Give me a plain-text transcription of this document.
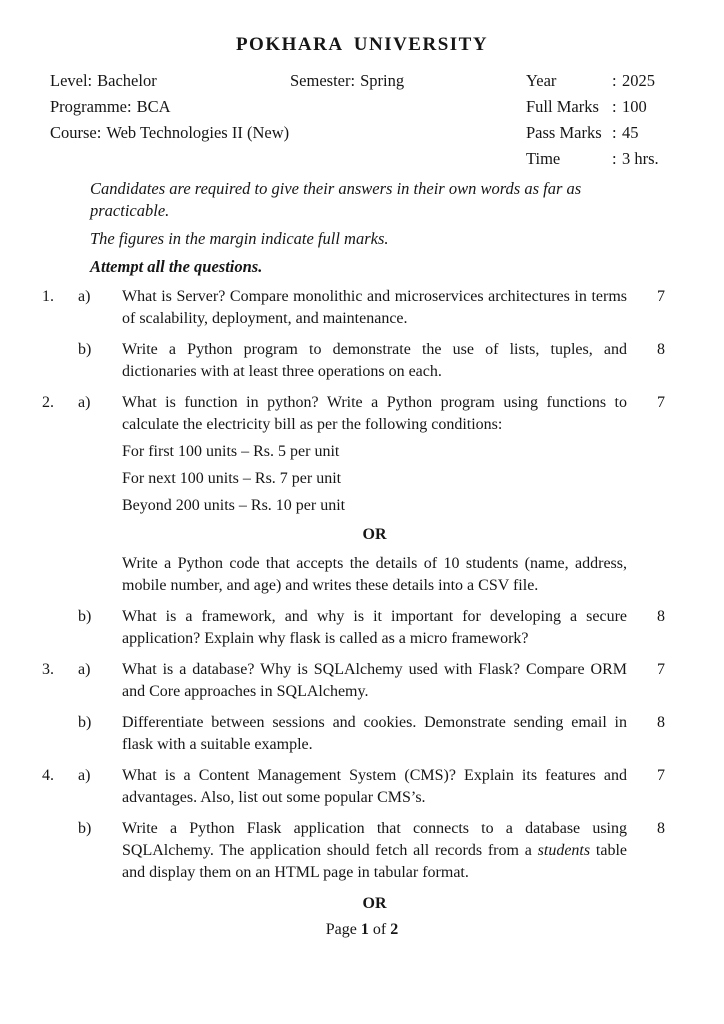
POKHARA UNIVERSITY
Level: Bachelor
Programme: BCA
Course: Web Technologies II (New)
Semester: Spring	Year	: 2025
Full Marks : 100
Pass Marks : 45
Time	: 3 hrs.

Candidates are required to give their answers in their own words as far as practicable.

The figures in the margin indicate full marks.

Attempt all the questions.

1.	a)	What is Server? Compare monolithic and microservices architectures in terms of scalability, deployment, and maintenance.
7
b)	Write a Python program to demonstrate the use of lists, tuples, and dictionaries with at least three operations on each.
8
2.	a)	What is function in python? Write a Python program using functions to calculate the electricity bill as per the following conditions:
For first 100 units – Rs. 5 per unit
For next 100 units – Rs. 7 per unit
Beyond 200 units – Rs. 10 per unit
OR
Write a Python code that accepts the details of 10 students (name, address, mobile number, and age) and writes these details into a CSV file.
7
b)	What is a framework, and why is it important for developing a secure application? Explain why flask is called as a micro framework?
8
3.	a)	What is a database? Why is SQLAlchemy used with Flask? Compare ORM and Core approaches in SQLAlchemy.
7
b)	Differentiate between sessions and cookies. Demonstrate sending email in flask with a suitable example.
8
4.	a)	What is a Content Management System (CMS)? Explain its features and advantages. Also, list out some popular CMS’s.
7
b)	Write a Python Flask application that connects to a database using SQLAlchemy. The application should fetch all records from a students table and display them on an HTML page in tabular format.
8
OR
Page 1 of 2
